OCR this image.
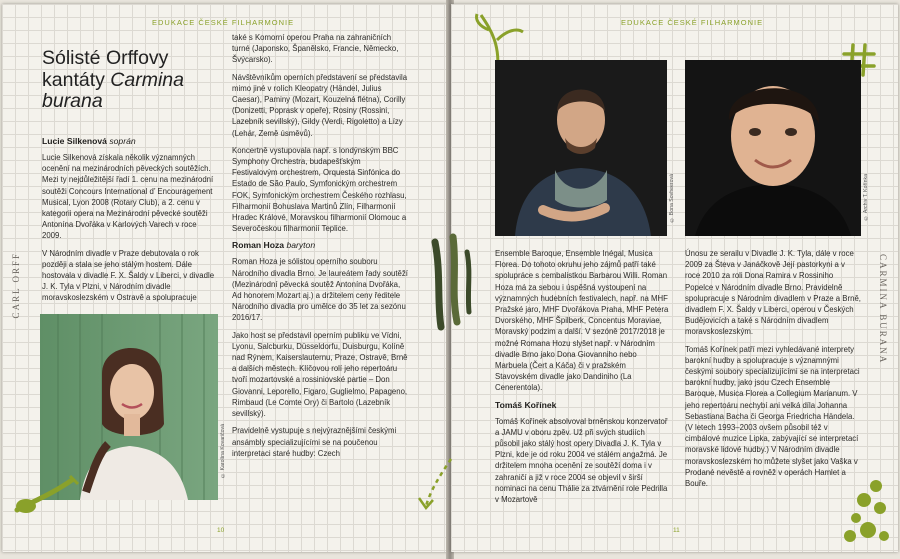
EDUKACE ČESKÉ FILHARMONIE
CARL ORFF
Sólisté Orffovy
kantáty Carmina
burana
Lucie Silkenová soprán

Lucie Silkenová získala několik významných ocenění na mezinárodních pěveckých soutěžích. Mezi ty nejdůležitější řadí 1. cenu na mezinárodní soutěži Concours International d’ Encouragement Musical, Lyon 2008 (Rotary Club), a 2. cenu v kategorii opera na Mezinárodní pěvecké soutěži Antonína Dvořáka v Karlových Varech v roce 2009.

V Národním divadle v Praze debutovala o rok později a stala se jeho stálým hostem. Dále hostovala v divadle F. X. Šaldy v Liberci, v divadle J. K. Tyla v Plzni, v Národním divadle moravskoslezském v Ostravě a spolupracuje

© Karolína Kovaričová

také s Komorní operou Praha na zahraničních turné (Japonsko, Španělsko, Francie, Německo, Švýcarsko).

Návštěvníkům operních představení se představila mimo jiné v rolích Kleopatry (Händel, Julius Caesar), Paminy (Mozart, Kouzelná flétna), Corilly (Donizetti, Poprask v opeře), Rosiny (Rossini, Lazebník sevillský), Gildy (Verdi, Rigoletto) a Lízy (Lehár, Země úsměvů).

Koncertně vystupovala např. s londýnským BBC Symphony Orchestra, budapešťským Festivalovým orchestrem, Orquesta Sinfónica do Estado de São Paulo, Symfonickým orchestrem FOK, Symfonickým orchestrem Českého rozhlasu, Filharmonií Bohuslava Martinů Zlín, Filharmonií Hradec Králové, Moravskou filharmonií Olomouc a Severočeskou filharmonií Teplice.

Roman Hoza baryton

Roman Hoza je sólistou operního souboru Národního divadla Brno. Je laureátem řady soutěží (Mezinárodní pěvecká soutěž Antonína Dvořáka, Ad honorem Mozart aj.) a držitelem ceny ředitele Národního divadla pro umělce do 35 let za sezónu 2016/17.

Jako host se představil operním publiku ve Vídni, Lyonu, Salcburku, Düsseldorfu, Duisburgu, Kolíně nad Rýnem, Kaiserslauternu, Praze, Ostravě, Brně a dalších městech. Klíčovou rolí jeho repertoáru tvoří mozartovské a rossiniovské partie – Don Giovanni, Leporello, Figaro, Guglielmo, Papageno, Rimbaud (Le Comte Ory) či Bartolo (Lazebník sevillský).

Pravidelně vystupuje s nejvýraznějšími českými ansámbly specializujícími se na poučenou interpretaci staré hudby: Czech

10
EDUKACE ČESKÉ FILHARMONIE
CARMINA BURANA
© Bona Sovheerová	© Archiv T. Kořínka

Ensemble Baroque, Ensemble Inégal, Musica Florea. Do tohoto okruhu jeho zájmů patří také spolupráce s cembalistkou Barbarou Willi. Roman Hoza má za sebou i úspěšná vystoupení na významných hudebních festivalech, např. na MHF Pražské jaro, MHF Dvořákova Praha, MHF Petera Dvorského, MHF Špilberk, Concentus Moraviae, Moravský podzim a další. V sezóně 2017/2018 je možné Romana Hozu slyšet např. v Národním divadle Brno jako Dona Giovanniho nebo Marbuela (Čert a Káča) či v pražském Stavovském divadle jako Dandiniho (La Cenerentola).

Tomáš Kořínek

Tomáš Kořínek absolvoval brněnskou konzervatoř a JAMU v oboru zpěv. Už při svých studiích působil jako stálý host opery Divadla J. K. Tyla v Plzni, kde je od roku 2004 ve stálém angažmá. Je držitelem mnoha ocenění ze soutěží doma i v zahraničí a již v roce 2004 se objevil v širší nominaci na cenu Thálie za ztvárnění role Pedrilla v Mozartově

Únosu ze serailu v Divadle J. K. Tyla, dále v roce 2009 za Števa v Janáčkově Její pastorkyni a v roce 2010 za roli Dona Ramira v Rossiniho Popelce v Národním divadle Brno. Pravidelně spolupracuje s Národním divadlem v Praze a Brně, divadlem F. X. Šaldy v Liberci, operou v Českých Budějovicích a také s Národním divadlem moravskoslezským.

Tomáš Kořínek patří mezi vyhledávané interprety barokní hudby a spolupracuje s významnými českými soubory specializujícími se na interpretaci barokní hudby, jako jsou Czech Ensemble Baroque, Musica Florea a Collegium Marianum. V jeho repertoáru nechybí ani velká díla Johanna Sebastiana Bacha či Georga Friedricha Händela. (V letech 1993–2003 ovšem působil též v cimbálové muzice Lipka, zabývající se interpretací moravské lidové hudby.) V Národním divadle moravskoslezském ho můžete slyšet jako Vaška v Prodané nevěstě a rovněž v operách Hamlet a Bouře.

11
